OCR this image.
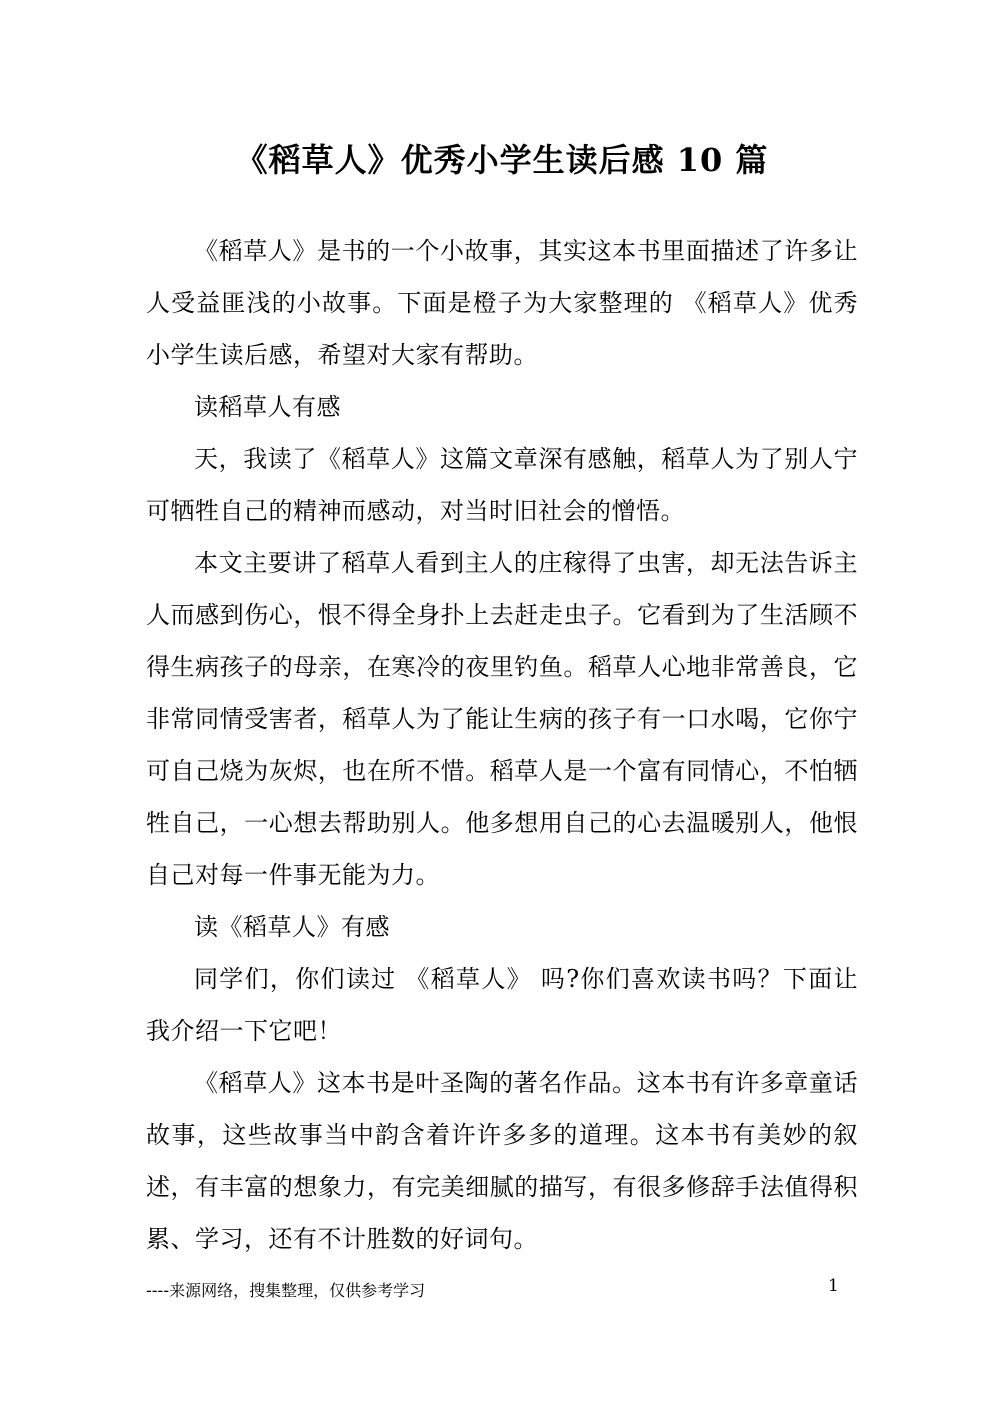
《稻草人》优秀小学生读后感 10 篇

《稻草人》是书的一个小故事，其实这本书里面描述了许多让人受益匪浅的小故事。下面是橙子为大家整理的 《稻草人》优秀小学生读后感，希望对大家有帮助。

读稻草人有感

天，我读了《稻草人》这篇文章深有感触，稻草人为了别人宁可牺牲自己的精神而感动，对当时旧社会的憎悟。

本文主要讲了稻草人看到主人的庄稼得了虫害，却无法告诉主人而感到伤心，恨不得全身扑上去赶走虫子。它看到为了生活顾不得生病孩子的母亲，在寒冷的夜里钓鱼。稻草人心地非常善良，它非常同情受害者，稻草人为了能让生病的孩子有一口水喝，它你宁可自己烧为灰烬，也在所不惜。稻草人是一个富有同情心，不怕牺牲自己，一心想去帮助别人。他多想用自己的心去温暖别人，他恨自己对每一件事无能为力。

读《稻草人》有感

同学们，你们读过 《稻草人》 吗?你们喜欢读书吗？下面让我介绍一下它吧！

《稻草人》这本书是叶圣陶的著名作品。这本书有许多章童话故事，这些故事当中韵含着许许多多的道理。这本书有美妙的叙述，有丰富的想象力，有完美细腻的描写，有很多修辞手法值得积累、学习，还有不计胜数的好词句。

----来源网络，搜集整理，仅供参考学习	1
